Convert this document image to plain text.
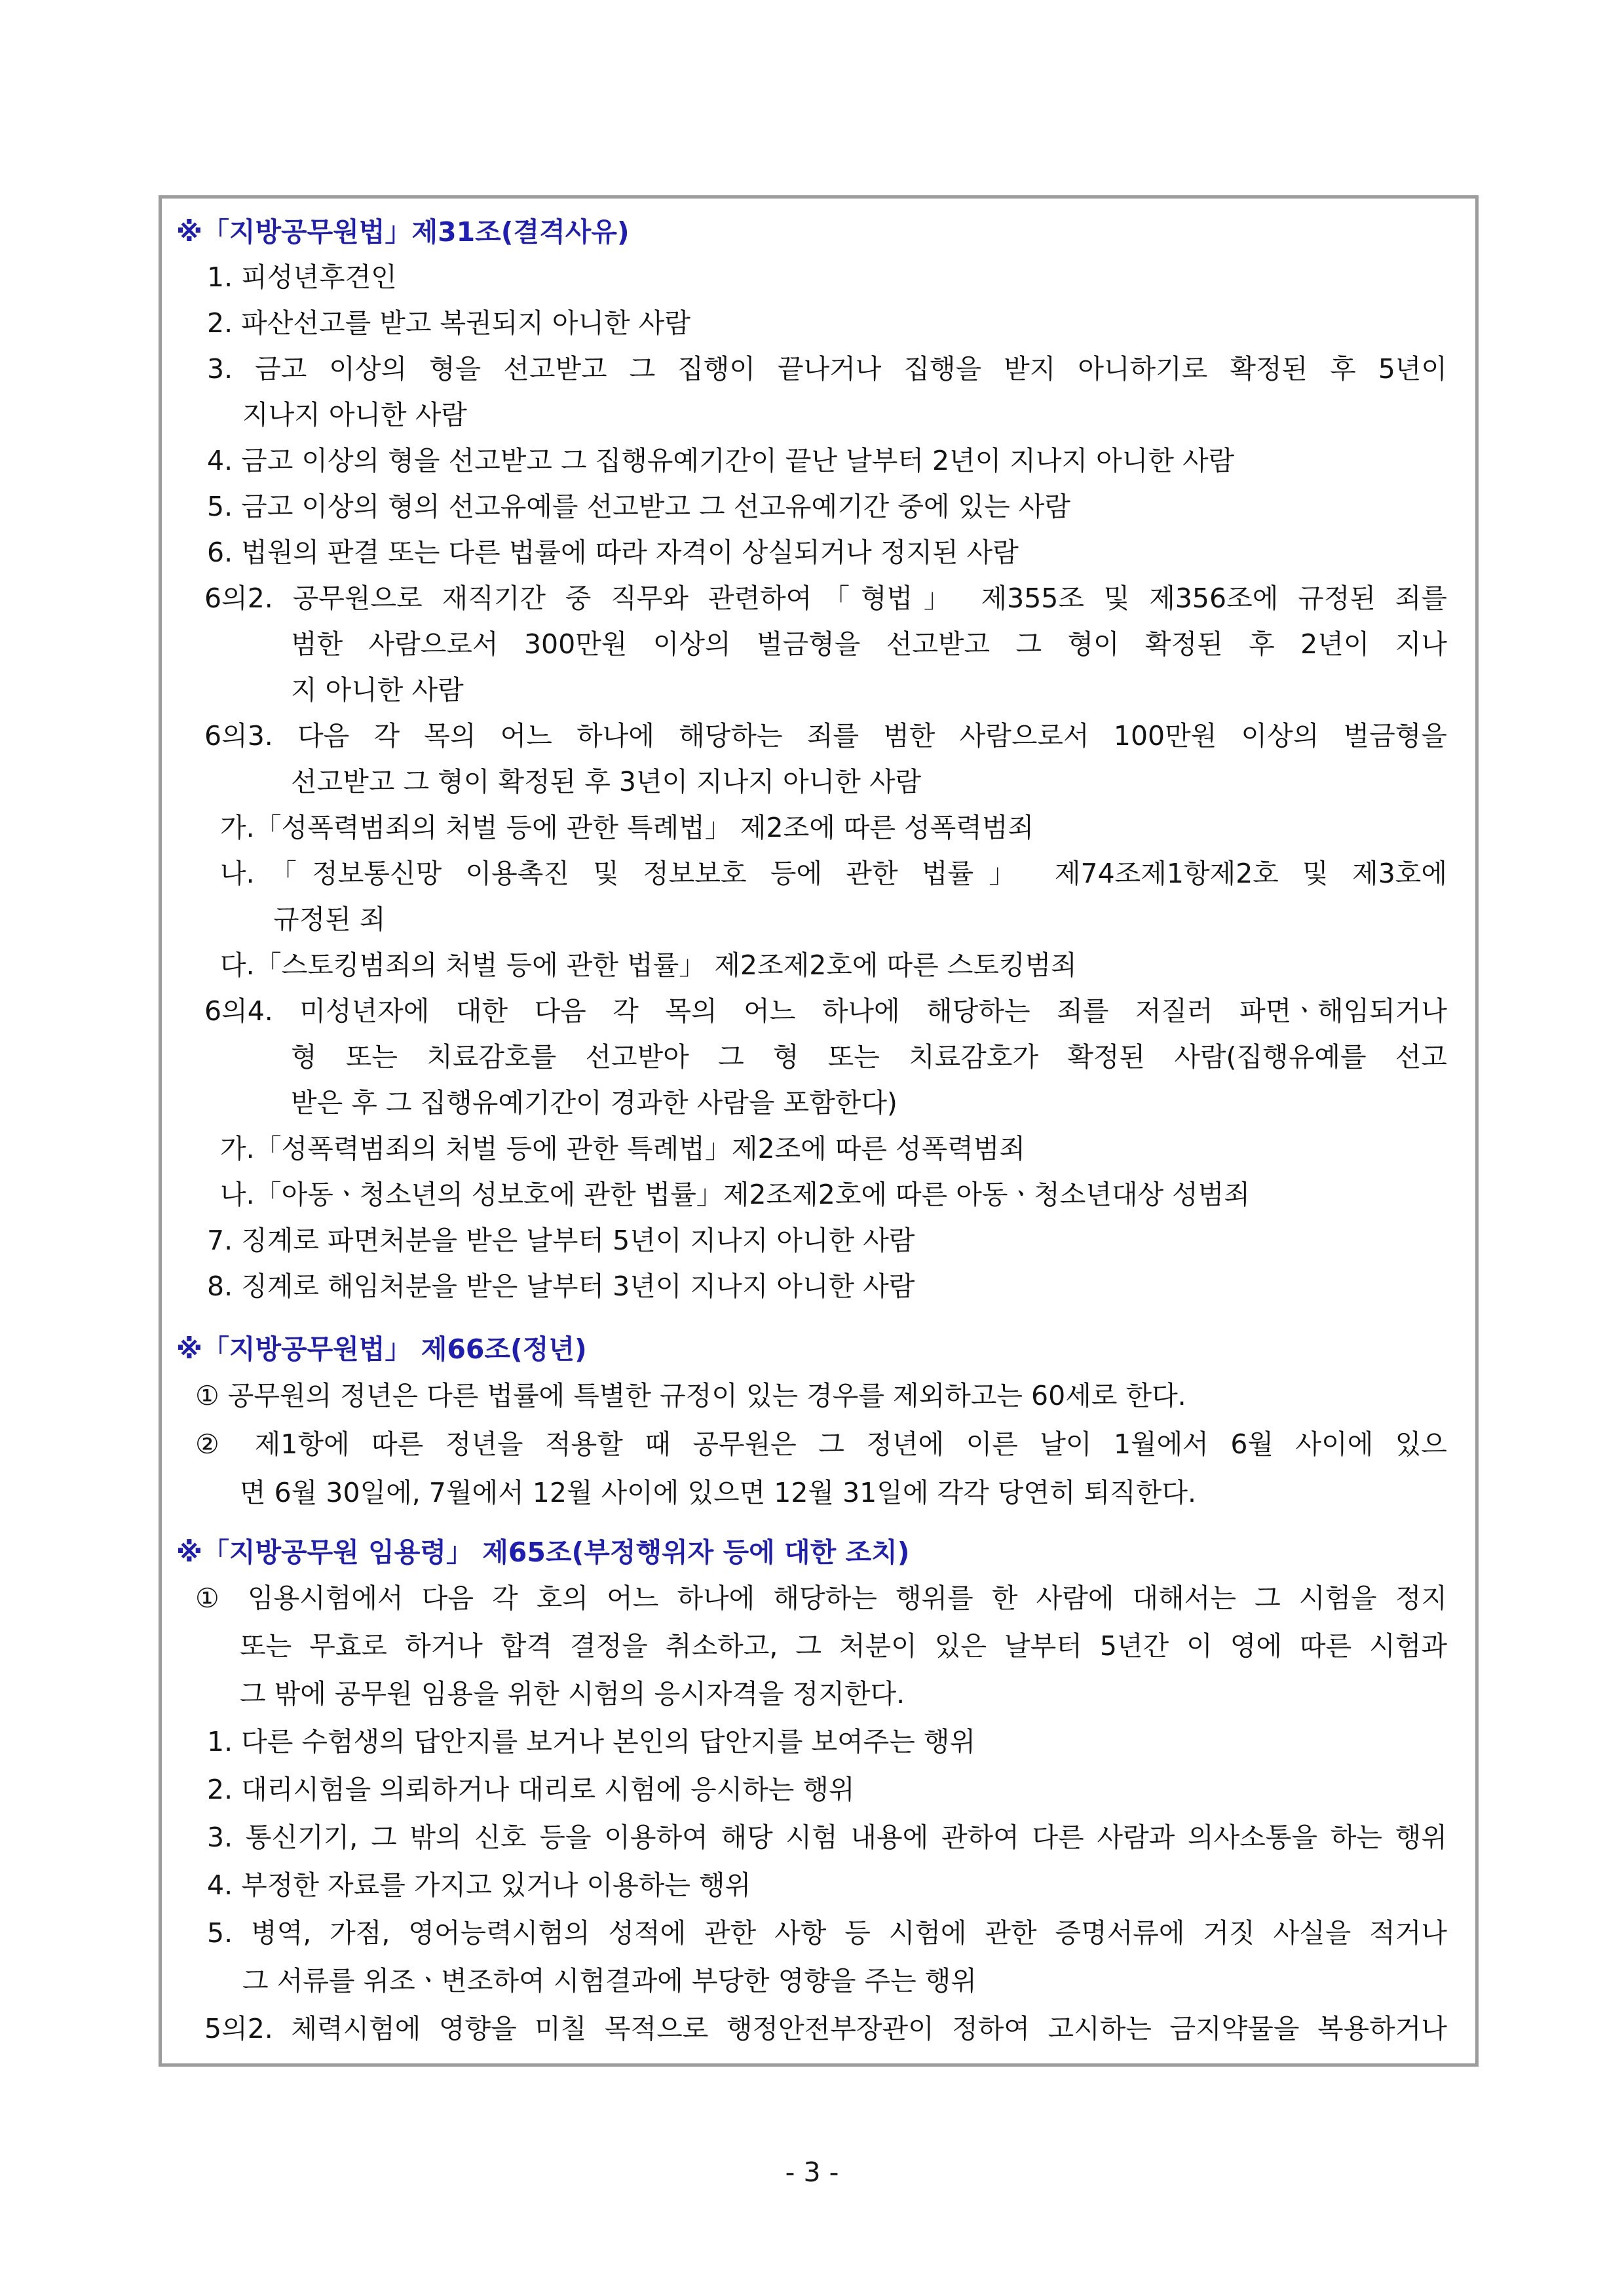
※「지방공무원법」제31조(결격사유)
1. 피성년후견인
2. 파산선고를 받고 복권되지 아니한 사람
3. 금고 이상의 형을 선고받고 그 집행이 끝나거나 집행을 받지 아니하기로 확정된 후 5년이
지나지 아니한 사람
4. 금고 이상의 형을 선고받고 그 집행유예기간이 끝난 날부터 2년이 지나지 아니한 사람
5. 금고 이상의 형의 선고유예를 선고받고 그 선고유예기간 중에 있는 사람
6. 법원의 판결 또는 다른 법률에 따라 자격이 상실되거나 정지된 사람
6의2. 공무원으로 재직기간 중 직무와 관련하여「형법」 제355조 및 제356조에 규정된 죄를
범한 사람으로서 300만원 이상의 벌금형을 선고받고 그 형이 확정된 후 2년이 지나
지 아니한 사람
6의3. 다음 각 목의 어느 하나에 해당하는 죄를 범한 사람으로서 100만원 이상의 벌금형을
선고받고 그 형이 확정된 후 3년이 지나지 아니한 사람
가.「성폭력범죄의 처벌 등에 관한 특례법」 제2조에 따른 성폭력범죄
나.「정보통신망 이용촉진 및 정보보호 등에 관한 법률」 제74조제1항제2호 및 제3호에
규정된 죄
다.「스토킹범죄의 처벌 등에 관한 법률」 제2조제2호에 따른 스토킹범죄
6의4. 미성년자에 대한 다음 각 목의 어느 하나에 해당하는 죄를 저질러 파면ㆍ해임되거나
형 또는 치료감호를 선고받아 그 형 또는 치료감호가 확정된 사람(집행유예를 선고
받은 후 그 집행유예기간이 경과한 사람을 포함한다)
가.「성폭력범죄의 처벌 등에 관한 특례법」제2조에 따른 성폭력범죄
나.「아동ㆍ청소년의 성보호에 관한 법률」제2조제2호에 따른 아동ㆍ청소년대상 성범죄
7. 징계로 파면처분을 받은 날부터 5년이 지나지 아니한 사람
8. 징계로 해임처분을 받은 날부터 3년이 지나지 아니한 사람
※「지방공무원법」 제66조(정년)
① 공무원의 정년은 다른 법률에 특별한 규정이 있는 경우를 제외하고는 60세로 한다.
② 제1항에 따른 정년을 적용할 때 공무원은 그 정년에 이른 날이 1월에서 6월 사이에 있으
면 6월 30일에, 7월에서 12월 사이에 있으면 12월 31일에 각각 당연히 퇴직한다.
※「지방공무원 임용령」 제65조(부정행위자 등에 대한 조치)
① 임용시험에서 다음 각 호의 어느 하나에 해당하는 행위를 한 사람에 대해서는 그 시험을 정지
또는 무효로 하거나 합격 결정을 취소하고, 그 처분이 있은 날부터 5년간 이 영에 따른 시험과
그 밖에 공무원 임용을 위한 시험의 응시자격을 정지한다.
1. 다른 수험생의 답안지를 보거나 본인의 답안지를 보여주는 행위
2. 대리시험을 의뢰하거나 대리로 시험에 응시하는 행위
3. 통신기기, 그 밖의 신호 등을 이용하여 해당 시험 내용에 관하여 다른 사람과 의사소통을 하는 행위
4. 부정한 자료를 가지고 있거나 이용하는 행위
5. 병역, 가점, 영어능력시험의 성적에 관한 사항 등 시험에 관한 증명서류에 거짓 사실을 적거나
그 서류를 위조ㆍ변조하여 시험결과에 부당한 영향을 주는 행위
5의2. 체력시험에 영향을 미칠 목적으로 행정안전부장관이 정하여 고시하는 금지약물을 복용하거나
- 3 -
